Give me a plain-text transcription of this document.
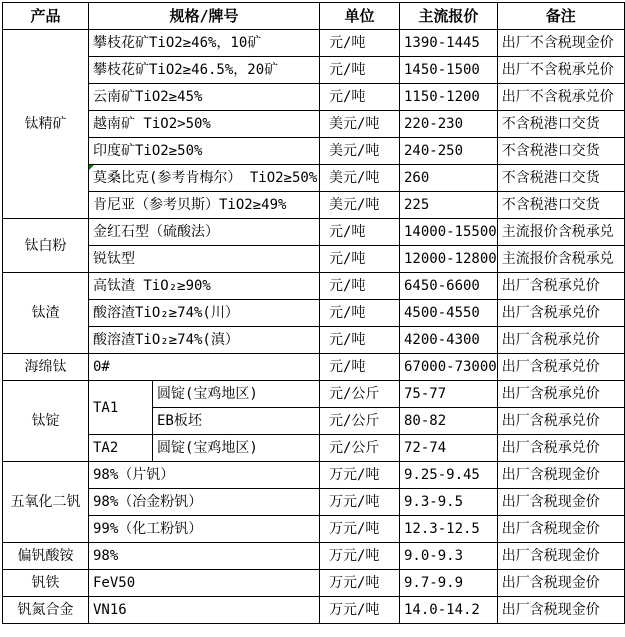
产品	规格/牌号		单位	主流报价	备注
钛精矿	攀枝花矿TiO2≥46%，10矿		元/吨	1390-1445	出厂不含税现金价
	攀枝花矿TiO2≥46.5%，20矿		元/吨	1450-1500	出厂不含税承兑价
	云南矿TiO2≥45%		元/吨	1150-1200	出厂不含税承兑价
	越南矿 TiO2>50%		美元/吨	220-230	不含税港口交货
	印度矿TiO2≥50%		美元/吨	240-250	不含税港口交货
	莫桑比克(参考肯梅尔） TiO2≥50%		美元/吨	260	不含税港口交货
	肯尼亚（参考贝斯）TiO2≥49%		美元/吨	225	不含税港口交货
钛白粉	金红石型（硫酸法）		元/吨	14000-15500	主流报价含税承兑
	锐钛型		元/吨	12000-12800	主流报价含税承兑
钛渣	高钛渣 TiO₂≥90%		元/吨	6450-6600	出厂含税承兑价
	酸溶渣TiO₂≥74%(川）		元/吨	4500-4550	出厂含税承兑价
	酸溶渣TiO₂≥74%(滇）		元/吨	4200-4300	出厂含税承兑价
海绵钛	0#		元/吨	67000-73000	出厂含税承兑价
钛锭	TA1	圆锭(宝鸡地区)	元/公斤	75-77	出厂含税承兑价
		EB板坯	元/公斤	80-82	出厂含税承兑价
	TA2	圆锭(宝鸡地区)	元/公斤	72-74	出厂含税承兑价
五氧化二钒	98%（片钒）		万元/吨	9.25-9.45	出厂含税现金价
	98%（冶金粉钒）		万元/吨	9.3-9.5	出厂含税现金价
	99%（化工粉钒）		万元/吨	12.3-12.5	出厂含税现金价
偏钒酸铵	98%		万元/吨	9.0-9.3	出厂含税现金价
钒铁	FeV50		万元/吨	9.7-9.9	出厂含税现金价
钒氮合金	VN16		万元/吨	14.0-14.2	出厂含税现金价
